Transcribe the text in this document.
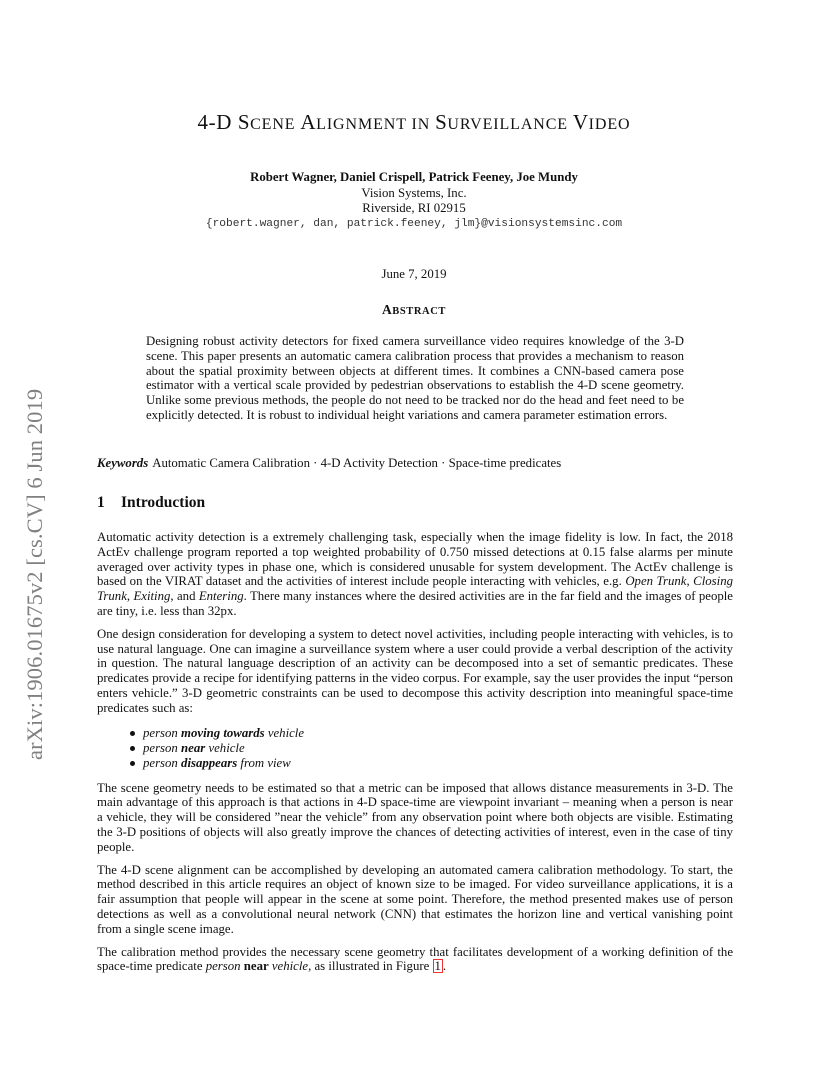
arXiv:1906.01675v2 [cs.CV] 6 Jun 2019
4-D SCENE ALIGNMENT IN SURVEILLANCE VIDEO
Robert Wagner, Daniel Crispell, Patrick Feeney, Joe Mundy
Vision Systems, Inc.
Riverside, RI 02915
{robert.wagner, dan, patrick.feeney, jlm}@visionsystemsinc.com
June 7, 2019
ABSTRACT
Designing robust activity detectors for fixed camera surveillance video requires knowledge of the 3-D scene. This paper presents an automatic camera calibration process that provides a mechanism to reason about the spatial proximity between objects at different times. It combines a CNN-based camera pose estimator with a vertical scale provided by pedestrian observations to establish the 4-D scene geometry. Unlike some previous methods, the people do not need to be tracked nor do the head and feet need to be explicitly detected. It is robust to individual height variations and camera parameter estimation errors.
Keywords Automatic Camera Calibration · 4-D Activity Detection · Space-time predicates
1 Introduction

Automatic activity detection is a extremely challenging task, especially when the image fidelity is low. In fact, the 2018 ActEv challenge program reported a top weighted probability of 0.750 missed detections at 0.15 false alarms per minute averaged over activity types in phase one, which is considered unusable for system development. The ActEv challenge is based on the VIRAT dataset and the activities of interest include people interacting with vehicles, e.g. Open Trunk, Closing Trunk, Exiting, and Entering. There many instances where the desired activities are in the far field and the images of people are tiny, i.e. less than 32px.

One design consideration for developing a system to detect novel activities, including people interacting with vehicles, is to use natural language. One can imagine a surveillance system where a user could provide a verbal description of the activity in question. The natural language description of an activity can be decomposed into a set of semantic predicates. These predicates provide a recipe for identifying patterns in the video corpus. For example, say the user provides the input “person enters vehicle.” 3-D geometric constraints can be used to decompose this activity description into meaningful space-time predicates such as:

person moving towards vehicle
person near vehicle
person disappears from view

The scene geometry needs to be estimated so that a metric can be imposed that allows distance measurements in 3-D. The main advantage of this approach is that actions in 4-D space-time are viewpoint invariant – meaning when a person is near a vehicle, they will be considered ”near the vehicle” from any observation point where both objects are visible. Estimating the 3-D positions of objects will also greatly improve the chances of detecting activities of interest, even in the case of tiny people.

The 4-D scene alignment can be accomplished by developing an automated camera calibration methodology. To start, the method described in this article requires an object of known size to be imaged. For video surveillance applications, it is a fair assumption that people will appear in the scene at some point. Therefore, the method presented makes use of person detections as well as a convolutional neural network (CNN) that estimates the horizon line and vertical vanishing point from a single scene image.

The calibration method provides the necessary scene geometry that facilitates development of a working definition of the space-time predicate person near vehicle, as illustrated in Figure 1 .
